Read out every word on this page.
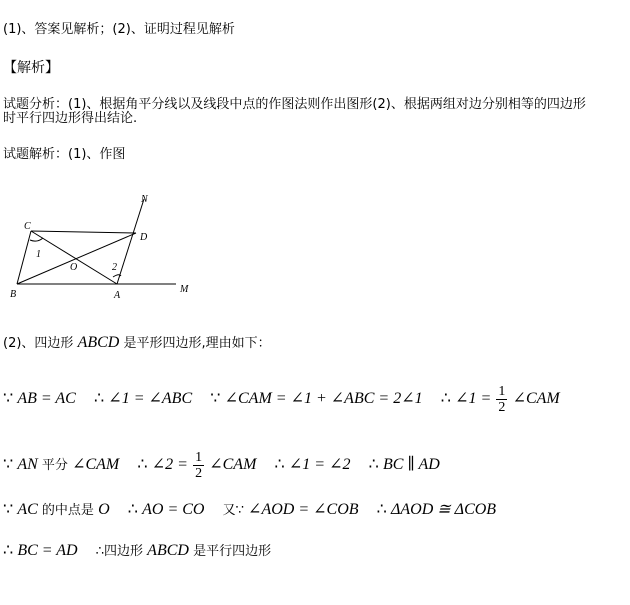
(1)、答案见解析；(2)、证明过程见解析
【解析】
试题分析：(1)、根据角平分线以及线段中点的作图法则作出图形(2)、根据两组对边分别相等的四边形
时平行四边形得出结论.
试题解析：(1)、作图
C
D
N
B	A
M
O
1
2
(2)、四边形 ABCD 是平形四边形,理由如下：
∵ AB = AC ∴ ∠1 = ∠ABC ∵ ∠CAM = ∠1 + ∠ABC = 2∠1 ∴ ∠1 = $\frac{1}{2}$ ∠CAM
∵ AN 平分 ∠CAM ∴ ∠2 = $\frac{1}{2}$ ∠CAM ∴ ∠1 = ∠2 ∴ BC ∥ AD
∵ AC 的中点是 O ∴ AO = CO 又∵ ∠AOD = ∠COB ∴ ΔAOD ≅ ΔCOB
∴ BC = AD ∴四边形 ABCD 是平行四边形
